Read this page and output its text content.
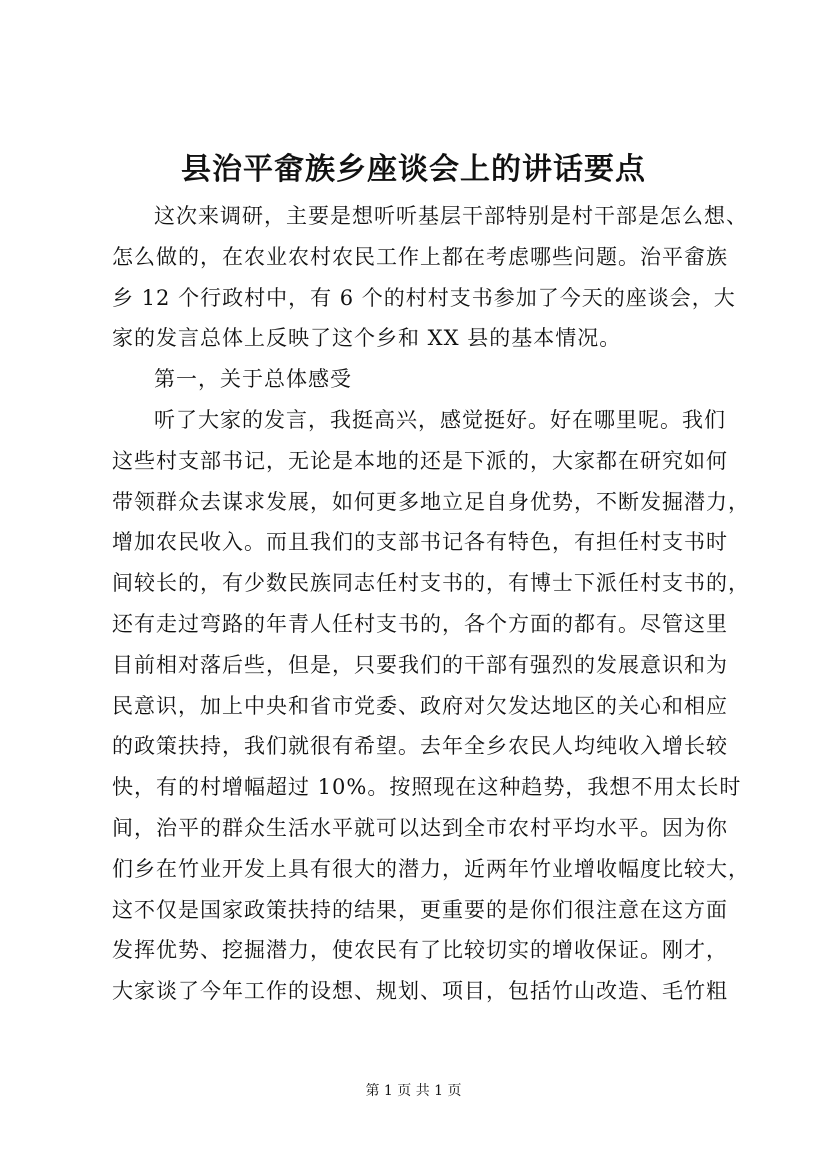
县治平畲族乡座谈会上的讲话要点
这次来调研，主要是想听听基层干部特别是村干部是怎么想、
怎么做的，在农业农村农民工作上都在考虑哪些问题。治平畲族
乡 12 个行政村中，有 6 个的村村支书参加了今天的座谈会，大
家的发言总体上反映了这个乡和 XX 县的基本情况。
第一，关于总体感受
听了大家的发言，我挺高兴，感觉挺好。好在哪里呢。我们
这些村支部书记，无论是本地的还是下派的，大家都在研究如何
带领群众去谋求发展，如何更多地立足自身优势，不断发掘潜力，
增加农民收入。而且我们的支部书记各有特色，有担任村支书时
间较长的，有少数民族同志任村支书的，有博士下派任村支书的，
还有走过弯路的年青人任村支书的，各个方面的都有。尽管这里
目前相对落后些，但是，只要我们的干部有强烈的发展意识和为
民意识，加上中央和省市党委、政府对欠发达地区的关心和相应
的政策扶持，我们就很有希望。去年全乡农民人均纯收入增长较
快，有的村增幅超过 10%。按照现在这种趋势，我想不用太长时
间，治平的群众生活水平就可以达到全市农村平均水平。因为你
们乡在竹业开发上具有很大的潜力，近两年竹业增收幅度比较大，
这不仅是国家政策扶持的结果，更重要的是你们很注意在这方面
发挥优势、挖掘潜力，使农民有了比较切实的增收保证。刚才，
大家谈了今年工作的设想、规划、项目，包括竹山改造、毛竹粗
第 1 页 共 1 页
